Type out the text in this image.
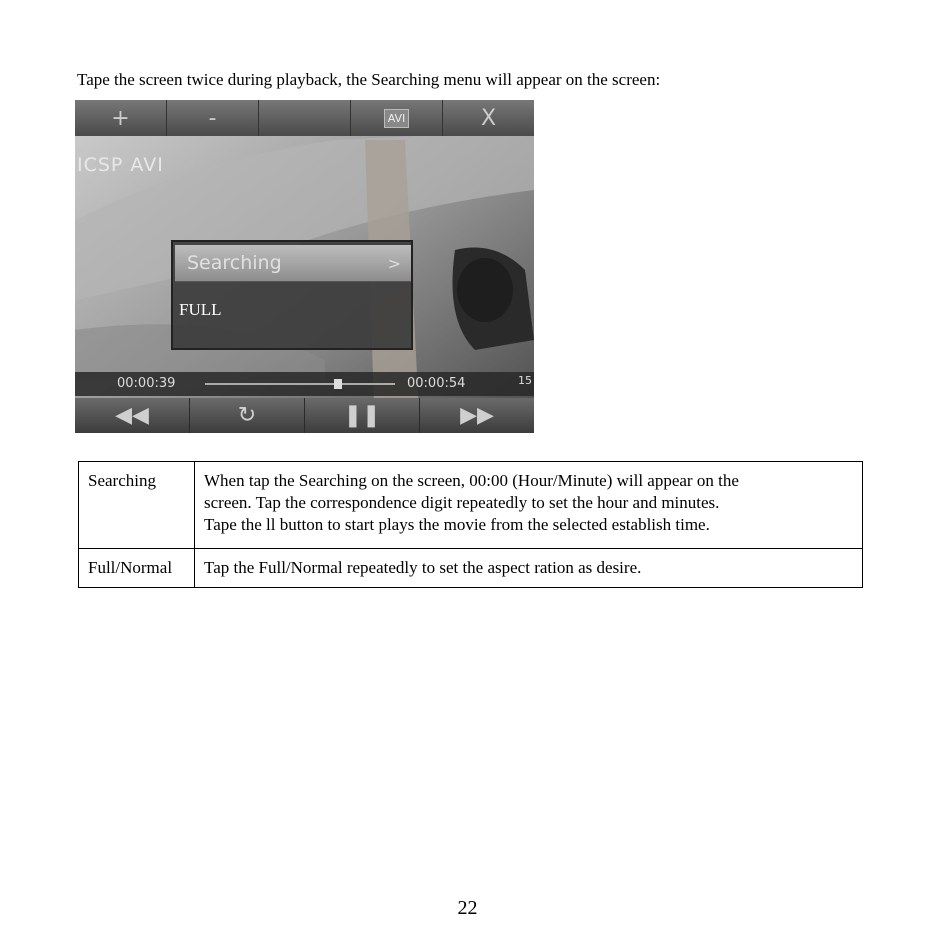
Tape the screen twice during playback, the Searching menu will appear on the screen:
+	-	AVI	X
ICSP AVI
Searching	>
FULL
00:00:39	00:00:54	15
◀◀	↻	❚❚	▶▶
Searching	When tap the Searching on the screen, 00:00 (Hour/Minute) will appear on the
screen. Tap the correspondence digit repeatedly to set the hour and minutes.
Tape the ll button to start plays the movie from the selected establish time.

Full/Normal	Tap the Full/Normal repeatedly to set the aspect ration as desire.
22
